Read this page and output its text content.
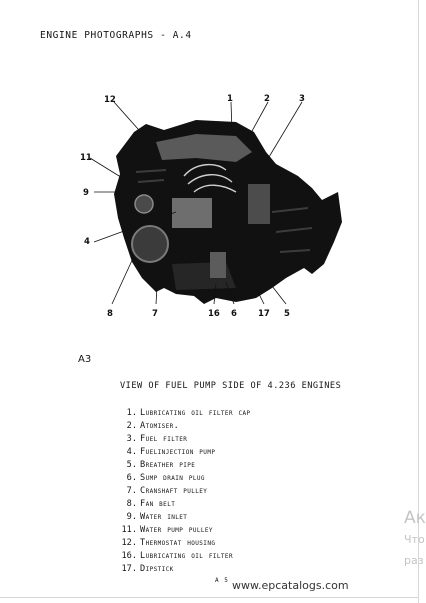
ENGINE PHOTOGRAPHS - A.4
12	1	2	3
11
9
4
8	7	16 6 17 5
A3
VIEW OF FUEL PUMP SIDE OF 4.236 ENGINES
1. Lubricating oil filter cap
2. Atomiser.
3. Fuel filter
4. Fuelinjection pump
5. Breather pipe
6. Sump drain plug
7. Cranshaft pulley
8. Fan belt
9. Water inlet
11. Water pump pulley
12. Thermostat housing
16. Lubricating oil filter
17. Dipstick
A 5 www.epcatalogs.com
Ак
Что
раз
